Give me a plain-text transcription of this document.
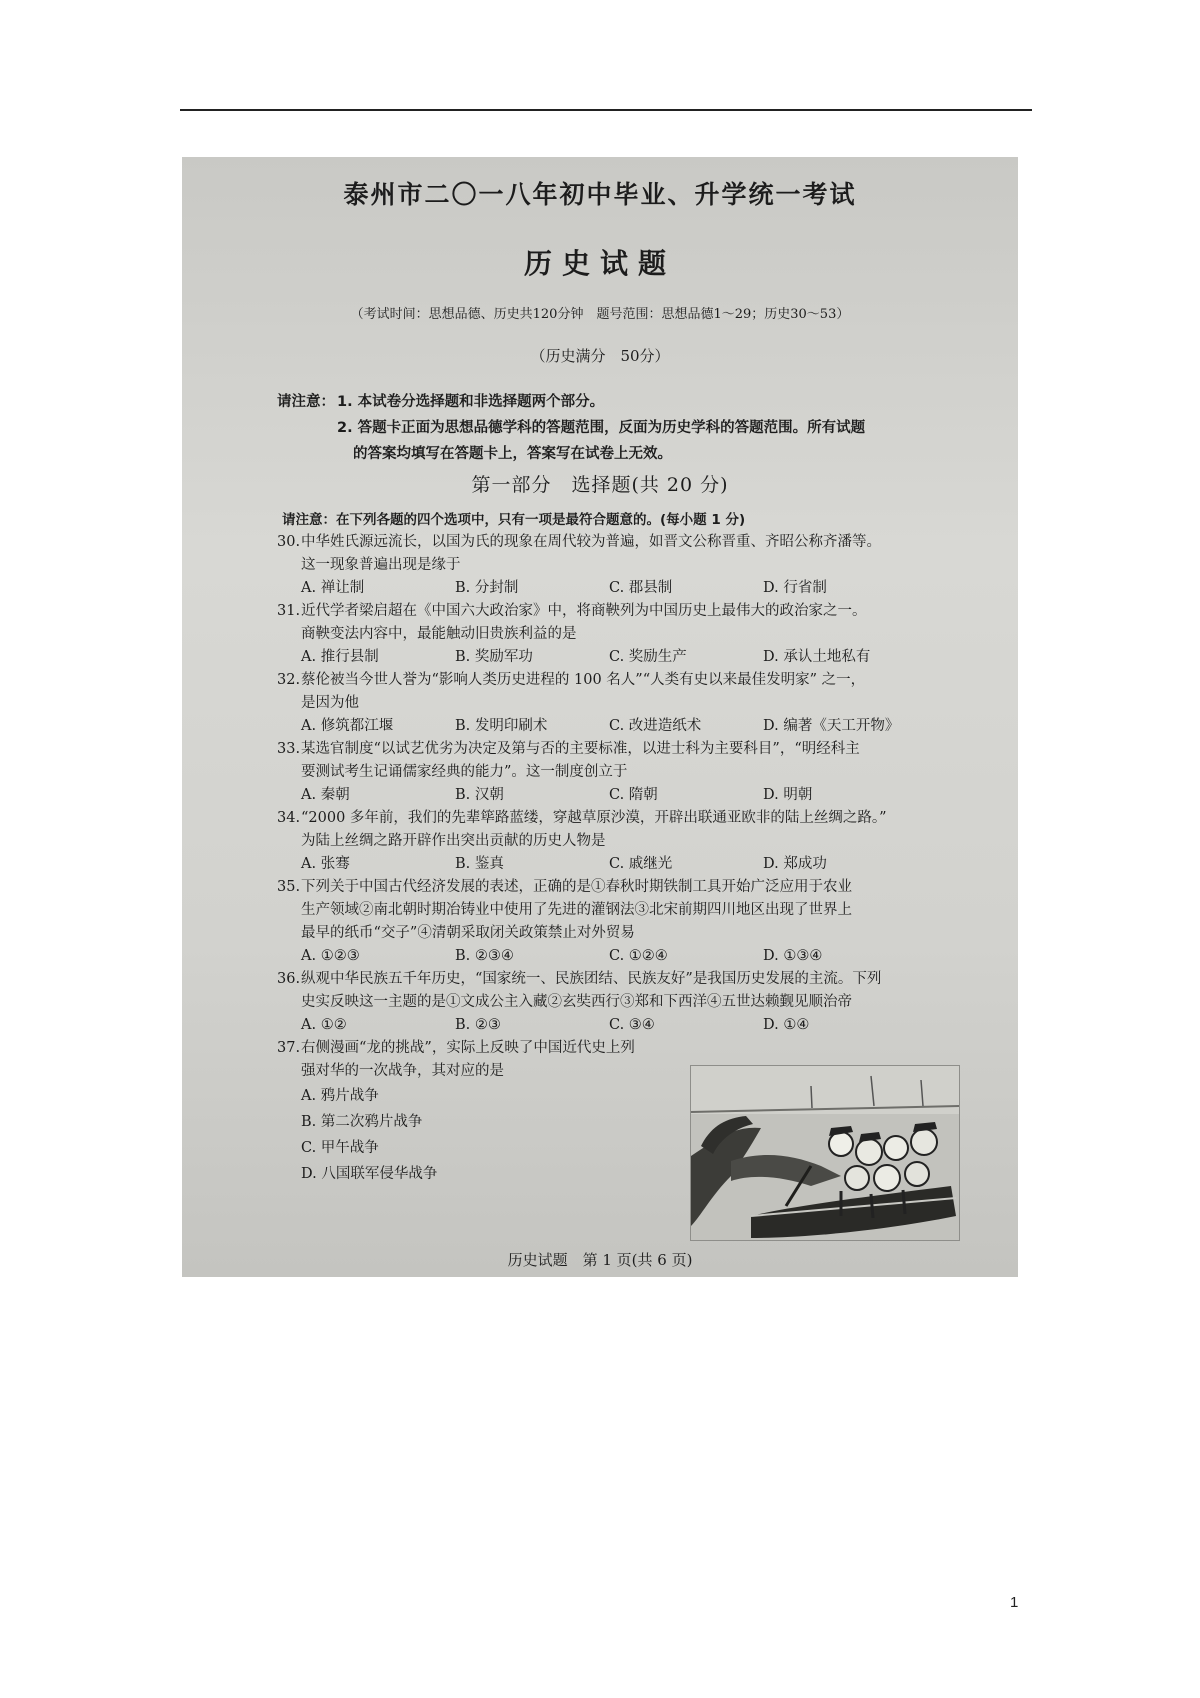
泰州市二〇一八年初中毕业、升学统一考试
历史试题
（考试时间：思想品德、历史共120分钟　题号范围：思想品德1～29；历史30～53）
（历史满分　50分）
请注意： 1. 本试卷分选择题和非选择题两个部分。
2. 答题卡正面为思想品德学科的答题范围，反面为历史学科的答题范围。所有试题
的答案均填写在答题卡上，答案写在试卷上无效。
第一部分　选择题(共 20 分)
请注意：在下列各题的四个选项中，只有一项是最符合题意的。(每小题 1 分)
30.中华姓氏源远流长，以国为氏的现象在周代较为普遍，如晋文公称晋重、齐昭公称齐潘等。
这一现象普遍出现是缘于
A. 禅让制	B. 分封制	C. 郡县制	D. 行省制
31.近代学者梁启超在《中国六大政治家》中，将商鞅列为中国历史上最伟大的政治家之一。
商鞅变法内容中，最能触动旧贵族利益的是
A. 推行县制	B. 奖励军功	C. 奖励生产	D. 承认土地私有
32.蔡伦被当今世人誉为“影响人类历史进程的 100 名人”“人类有史以来最佳发明家” 之一，
是因为他
A. 修筑都江堰	B. 发明印刷术	C. 改进造纸术	D. 编著《天工开物》
33.某选官制度“以试艺优劣为决定及第与否的主要标准，以进士科为主要科目”，“明经科主
要测试考生记诵儒家经典的能力”。这一制度创立于
A. 秦朝	B. 汉朝	C. 隋朝	D. 明朝
34.“2000 多年前，我们的先辈筚路蓝缕，穿越草原沙漠，开辟出联通亚欧非的陆上丝绸之路。”
为陆上丝绸之路开辟作出突出贡献的历史人物是
A. 张骞	B. 鉴真	C. 戚继光	D. 郑成功
35.下列关于中国古代经济发展的表述，正确的是①春秋时期铁制工具开始广泛应用于农业
生产领域②南北朝时期冶铸业中使用了先进的灌钢法③北宋前期四川地区出现了世界上
最早的纸币“交子”④清朝采取闭关政策禁止对外贸易
A. ①②③	B. ②③④	C. ①②④	D. ①③④
36.纵观中华民族五千年历史，“国家统一、民族团结、民族友好”是我国历史发展的主流。下列
史实反映这一主题的是①文成公主入藏②玄奘西行③郑和下西洋④五世达赖觐见顺治帝
A. ①②	B. ②③	C. ③④	D. ①④
37.右侧漫画“龙的挑战”，实际上反映了中国近代史上列
强对华的一次战争，其对应的是
A. 鸦片战争
B. 第二次鸦片战争
C. 甲午战争
D. 八国联军侵华战争
历史试题　第 1 页(共 6 页)
1
